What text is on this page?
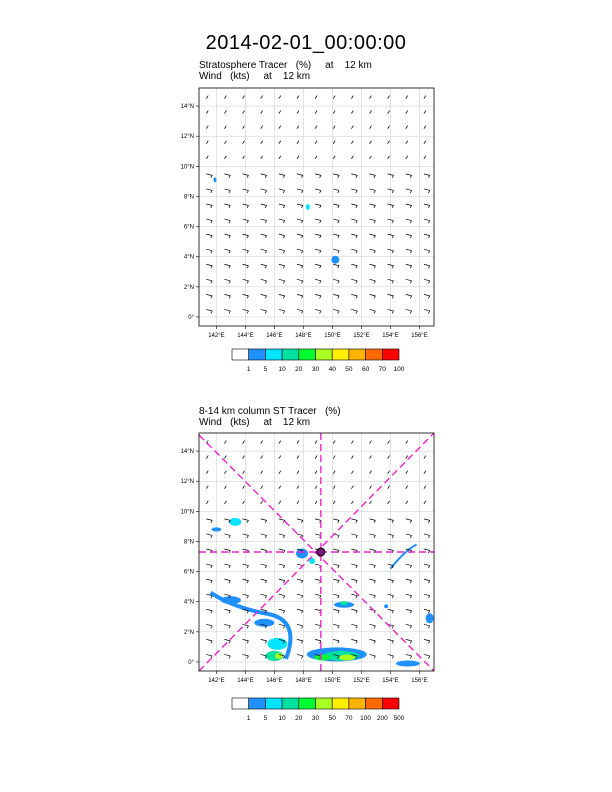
2014-02-01_00:00:00
Stratosphere Tracer   (%)     at    12 km
Wind   (kts)     at    12 km
8-14 km column ST Tracer   (%)
Wind   (kts)     at    12 km
142°E 144°E 146°E 148°E 150°E 152°E 154°E 156°E
14°N
12°N
10°N
8°N
6°N
4°N
2°N
0°
142°E 144°E 146°E 148°E 150°E 152°E 154°E 156°E
14°N
12°N
10°N
8°N
6°N
4°N
2°N
0°
1 5 10 20 30 40 50 60 70 100
1 5 10 20 30 50 70 100 200 500
